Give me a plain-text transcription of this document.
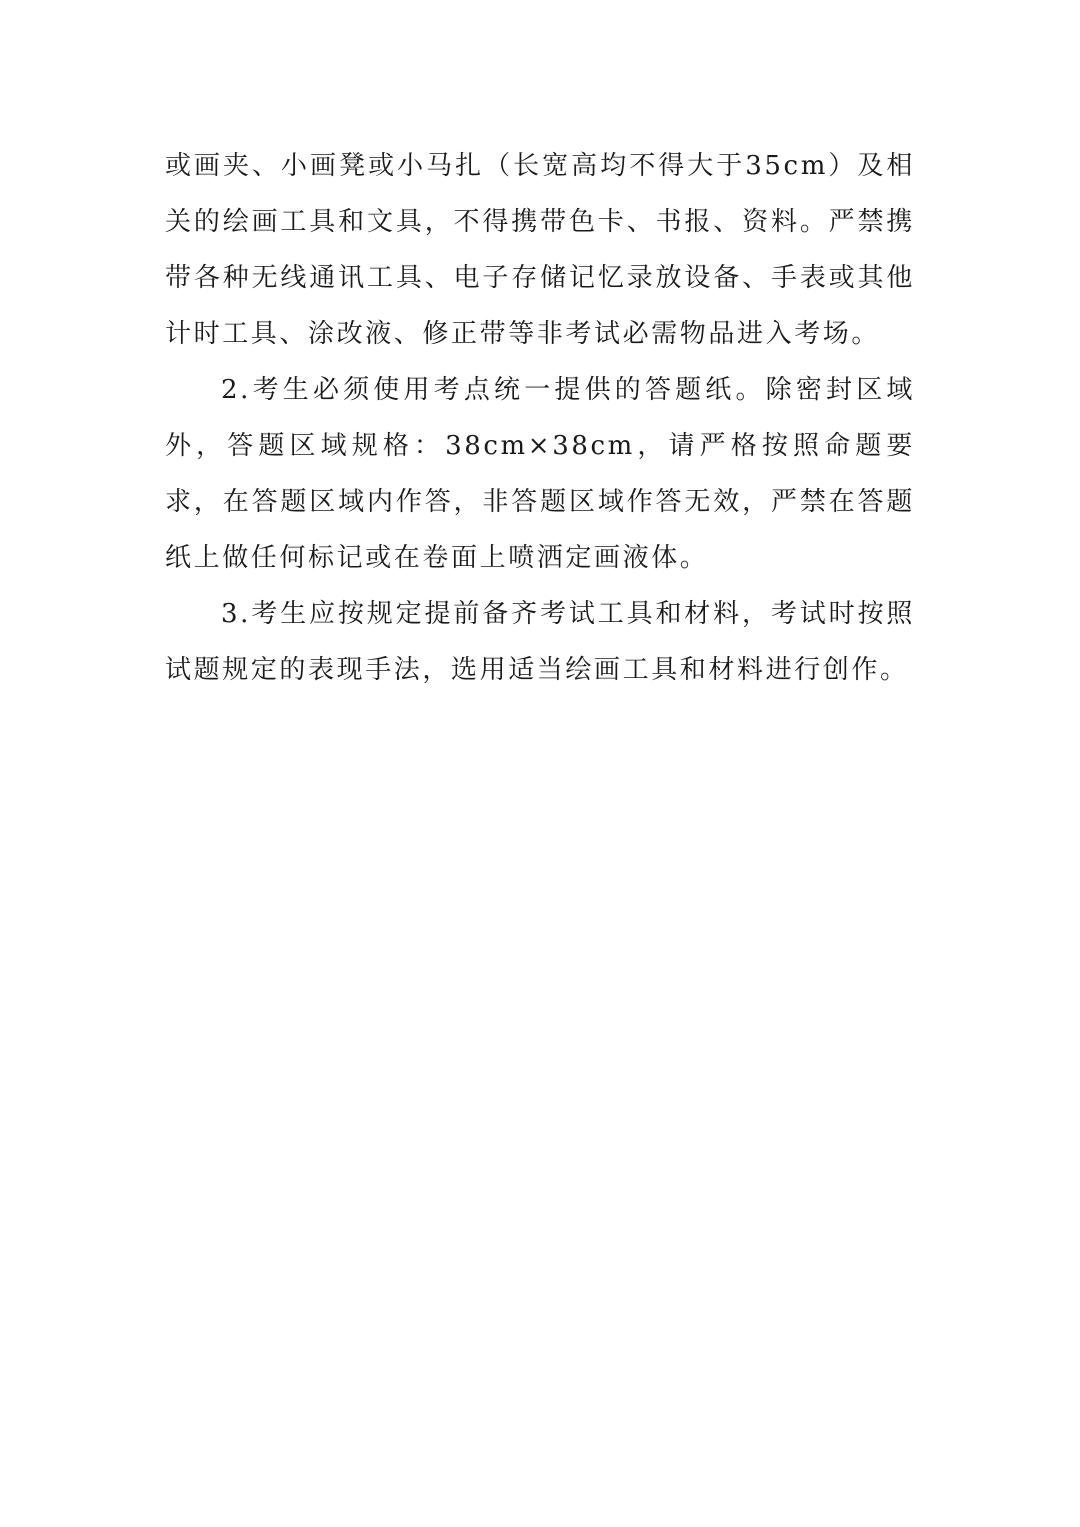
或画夹、小画凳或小马扎（长宽高均不得大于35cm）及相关的绘画工具和文具，不得携带色卡、书报、资料。严禁携带各种无线通讯工具、电子存储记忆录放设备、手表或其他计时工具、涂改液、修正带等非考试必需物品进入考场。

2.考生必须使用考点统一提供的答题纸。除密封区域外，答题区域规格：38cm×38cm，请严格按照命题要求，在答题区域内作答，非答题区域作答无效，严禁在答题纸上做任何标记或在卷面上喷洒定画液体。

3.考生应按规定提前备齐考试工具和材料，考试时按照试题规定的表现手法，选用适当绘画工具和材料进行创作。
